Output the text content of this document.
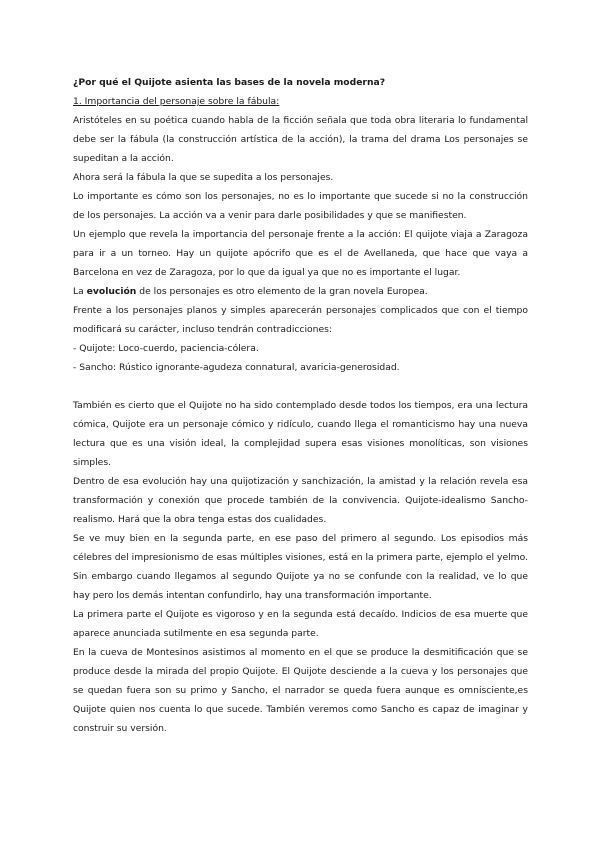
¿Por qué el Quijote asienta las bases de la novela moderna?

1. Importancia del personaje sobre la fábula:

Aristóteles en su poética cuando habla de la ficción señala que toda obra literaria lo fundamental debe ser la fábula (la construcción artística de la acción), la trama del drama Los personajes se supeditan a la acción.

Ahora será la fábula la que se supedita a los personajes.

Lo importante es cómo son los personajes, no es lo importante que sucede si no la construcción de los personajes. La acción va a venir para darle posibilidades y que se manifiesten.

Un ejemplo que revela la importancia del personaje frente a la acción: El quijote viaja a Zaragoza para ir a un torneo. Hay un quijote apócrifo que es el de Avellaneda, que hace que vaya a Barcelona en vez de Zaragoza, por lo que da igual ya que no es importante el lugar.

La evolución de los personajes es otro elemento de la gran novela Europea.

Frente a los personajes planos y simples aparecerán personajes complicados que con el tiempo modificará su carácter, incluso tendrán contradicciones:

- Quijote: Loco-cuerdo, paciencia-cólera.

- Sancho: Rústico ignorante-agudeza connatural, avaricia-generosidad.

También es cierto que el Quijote no ha sido contemplado desde todos los tiempos, era una lectura cómica, Quijote era un personaje cómico y ridículo, cuando llega el romanticismo hay una nueva lectura que es una visión ideal, la complejidad supera esas visiones monolíticas, son visiones simples.

Dentro de esa evolución hay una quijotización y sanchización, la amistad y la relación revela esa transformación y conexión que procede también de la convivencia. Quijote-idealismo Sancho-realismo. Hará que la obra tenga estas dos cualidades.

Se ve muy bien en la segunda parte, en ese paso del primero al segundo. Los episodios más célebres del impresionismo de esas múltiples visiones, está en la primera parte, ejemplo el yelmo. Sin embargo cuando llegamos al segundo Quijote ya no se confunde con la realidad, ve lo que hay pero los demás intentan confundirlo, hay una transformación importante.

La primera parte el Quijote es vigoroso y en la segunda está decaído. Indicios de esa muerte que aparece anunciada sutilmente en esa segunda parte.

En la cueva de Montesinos asistimos al momento en el que se produce la desmitificación que se produce desde la mirada del propio Quijote. El Quijote desciende a la cueva y los personajes que se quedan fuera son su primo y Sancho, el narrador se queda fuera aunque es omnisciente,es Quijote quien nos cuenta lo que sucede. También veremos como Sancho es capaz de imaginar y construir su versión.
